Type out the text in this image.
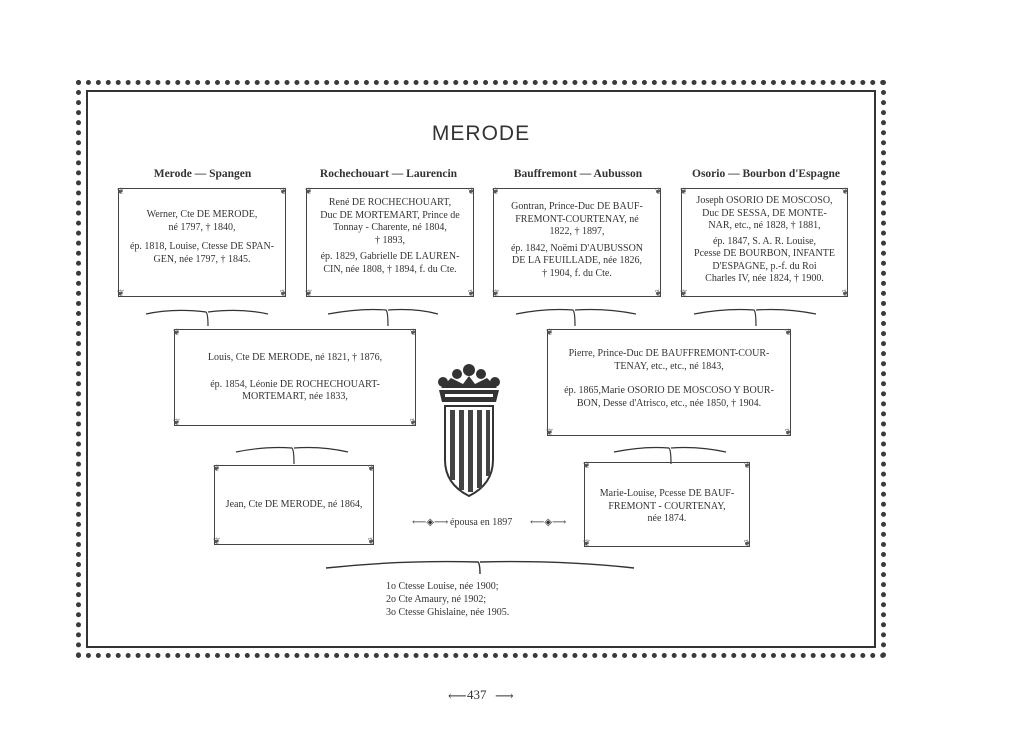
MERODE
Merode — Spangen	Rochechouart — Laurencin	Bauffremont — Aubusson	Osorio — Bourbon d'Espagne
❦	❦
❦	❦

Werner, Cte DE MERODE,

né 1797, † 1840,

ép. 1818, Louise, Ctesse DE SPAN-

GEN, née 1797, † 1845.

❦	❦
❦	❦

René DE ROCHECHOUART,

Duc DE MORTEMART, Prince de

Tonnay - Charente, né 1804,

† 1893,

ép. 1829, Gabrielle DE LAUREN-

CIN, née 1808, † 1894, f. du Cte.

❦	❦
❦	❦

Gontran, Prince-Duc DE BAUF-

FREMONT-COURTENAY, né

1822, † 1897,

ép. 1842, Noëmi D'AUBUSSON

DE LA FEUILLADE, née 1826,

† 1904, f. du Cte.

❦	❦
❦	❦

Joseph OSORIO DE MOSCOSO,

Duc DE SESSA, DE MONTE-

NAR, etc., né 1828, † 1881,

ép. 1847, S. A. R. Louise,

Pcesse DE BOURBON, INFANTE

D'ESPAGNE, p.-f. du Roi

Charles IV, née 1824, † 1900.

❦	❦
❦	❦

Louis, Cte DE MERODE, né 1821, † 1876,

ép. 1854, Léonie DE ROCHECHOUART-

MORTEMART, née 1833,

❦	❦
❦	❦

Pierre, Prince-Duc DE BAUFFREMONT-COUR-

TENAY, etc., etc., né 1843,

ép. 1865,Marie OSORIO DE MOSCOSO Y BOUR-

BON, Desse d'Atrisco, etc., née 1850, † 1904.

❦	❦
❦	❦

Jean, Cte DE MERODE, né 1864,

❦	❦
❦	❦

Marie-Louise, Pcesse DE BAUF-

FREMONT - COURTENAY,

née 1874.

⟵◈⟶ épousa en 1897 ⟵◈⟶
1o Ctesse Louise, née 1900;
2o Cte Amaury, né 1902;
3o Ctesse Ghislaine, née 1905.
⟵ 437 ⟶
